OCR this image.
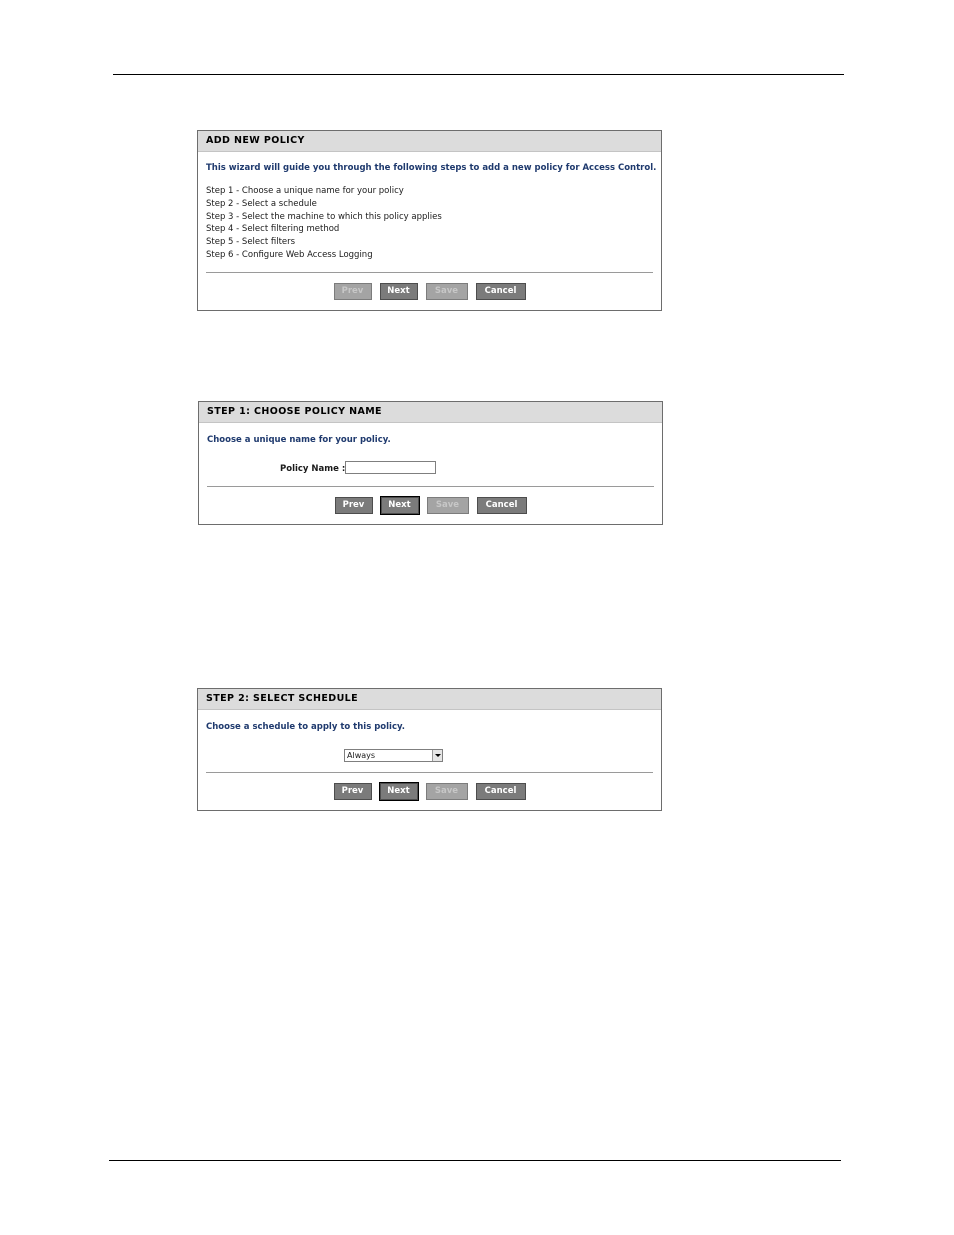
ADD NEW POLICY
This wizard will guide you through the following steps to add a new policy for Access Control.
Step 1 - Choose a unique name for your policy
Step 2 - Select a schedule
Step 3 - Select the machine to which this policy applies
Step 4 - Select filtering method
Step 5 - Select filters
Step 6 - Configure Web Access Logging
Prev	Next	Save	Cancel
STEP 1: CHOOSE POLICY NAME
Choose a unique name for your policy.
Policy Name :
Prev	Next	Save	Cancel
STEP 2: SELECT SCHEDULE
Choose a schedule to apply to this policy.
Always
Prev	Next	Save	Cancel
